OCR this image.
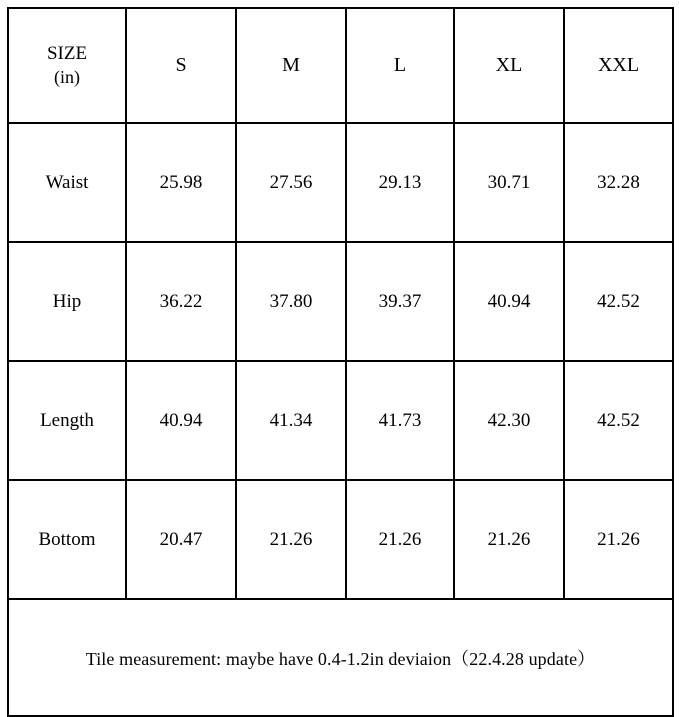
SIZE
(in)	S	M	L	XL	XXL
Waist	25.98	27.56	29.13	30.71	32.28
Hip	36.22	37.80	39.37	40.94	42.52
Length	40.94	41.34	41.73	42.30	42.52
Bottom	20.47	21.26	21.26	21.26	21.26
Tile measurement: maybe have 0.4-1.2in deviaion（22.4.28 update）					
